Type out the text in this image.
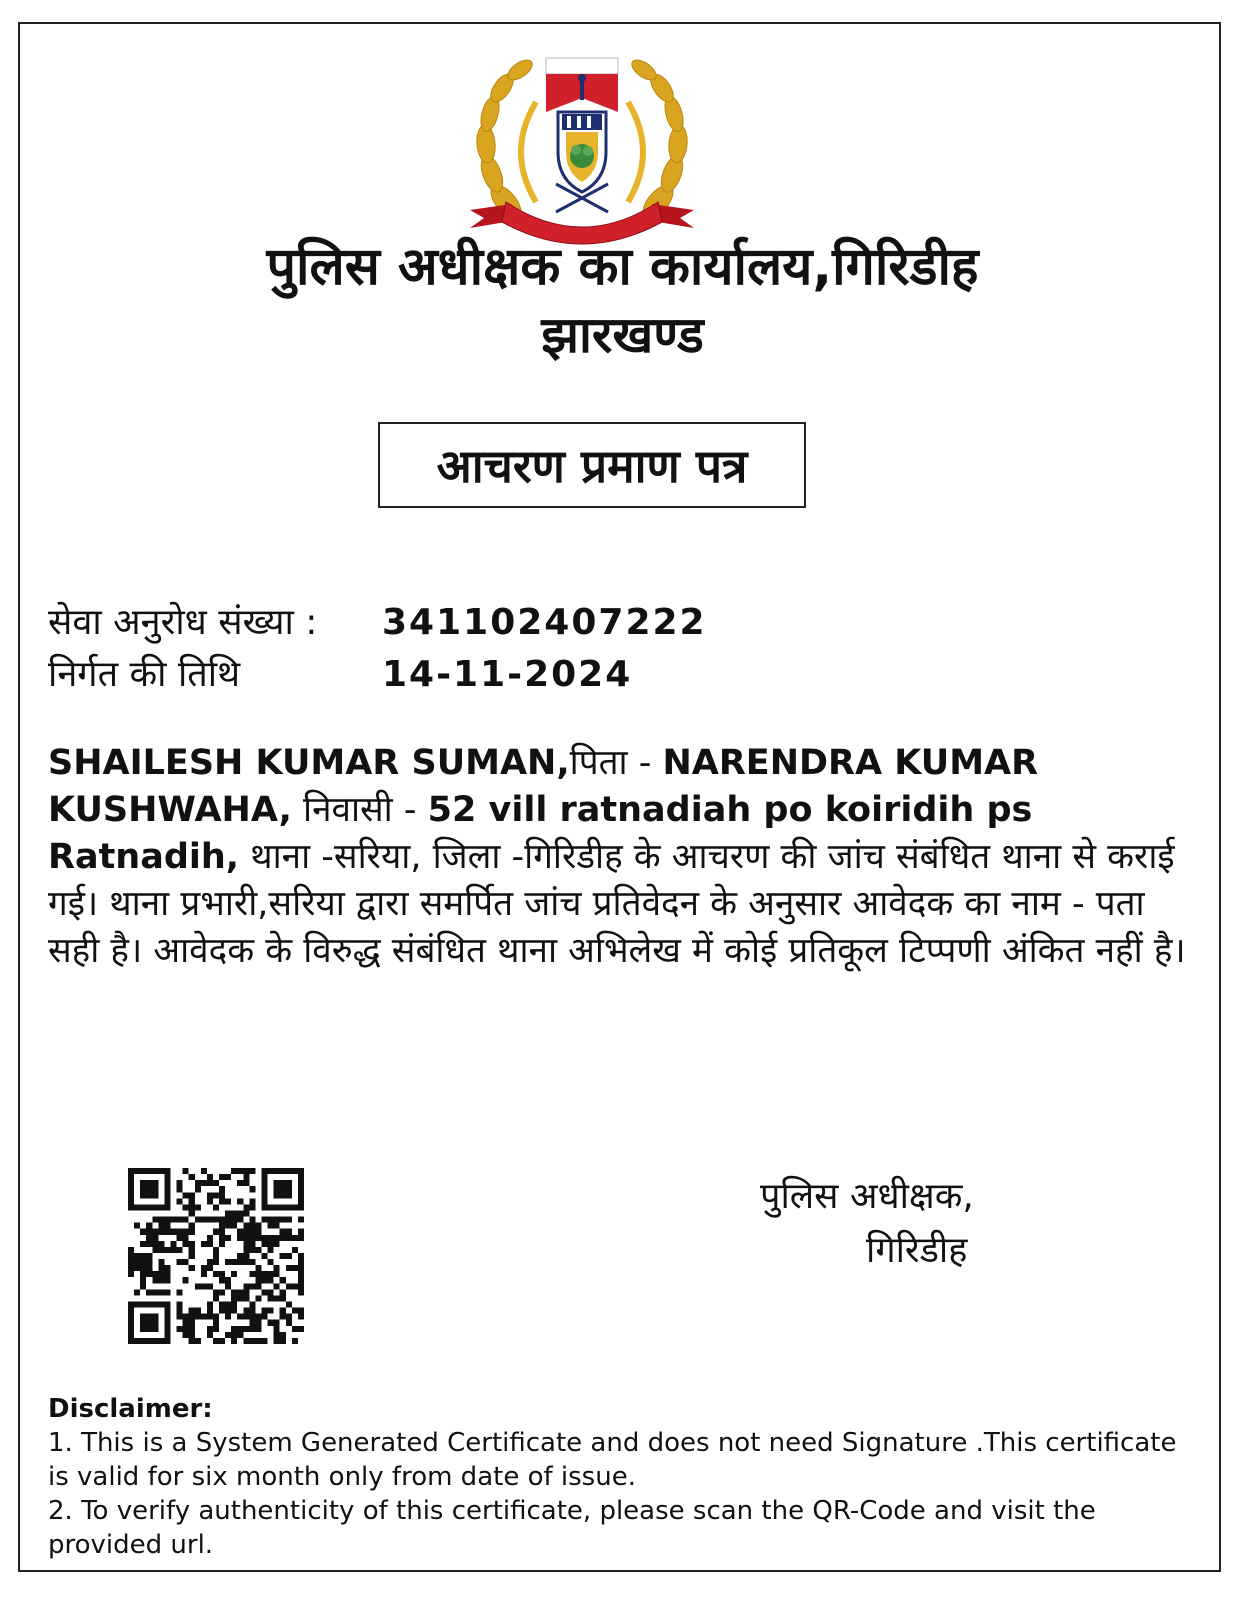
पुलिस अधीक्षक का कार्यालय,गिरिडीह
झारखण्ड
आचरण प्रमाण पत्र
सेवा अनुरोध संख्या : 341102407222
निर्गत की तिथि	14-11-2024
SHAILESH KUMAR SUMAN,पिता - NARENDRA KUMAR KUSHWAHA, निवासी - 52 vill ratnadiah po koiridih ps Ratnadih, थाना -सरिया, जिला -गिरिडीह के आचरण की जांच संबंधित थाना से कराई गई। थाना प्रभारी,सरिया द्वारा समर्पित जांच प्रतिवेदन के अनुसार आवेदक का नाम - पता सही है। आवेदक के विरुद्ध संबंधित थाना अभिलेख में कोई प्रतिकूल टिप्पणी अंकित नहीं है।
पुलिस अधीक्षक,
गिरिडीह
Disclaimer:
1. This is a System Generated Certificate and does not need Signature .This certificate is valid for six month only from date of issue.
2. To verify authenticity of this certificate, please scan the QR-Code and visit the provided url.
